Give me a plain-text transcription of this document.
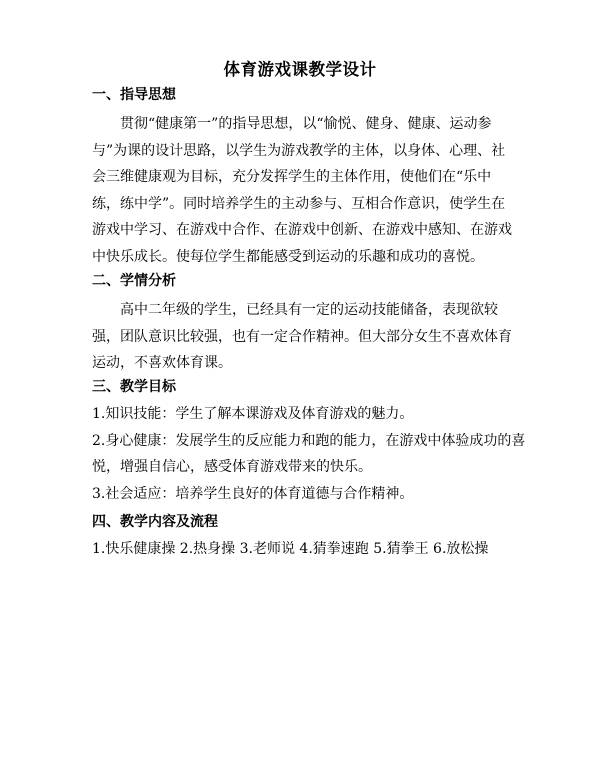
体育游戏课教学设计
一、指导思想
贯彻“健康第一”的指导思想，以“愉悦、健身、健康、运动参
与”为课的设计思路，以学生为游戏教学的主体，以身体、心理、社
会三维健康观为目标，充分发挥学生的主体作用，使他们在“乐中
练，练中学”。同时培养学生的主动参与、互相合作意识，使学生在
游戏中学习、在游戏中合作、在游戏中创新、在游戏中感知、在游戏
中快乐成长。使每位学生都能感受到运动的乐趣和成功的喜悦。
二、学情分析
高中二年级的学生，已经具有一定的运动技能储备，表现欲较
强，团队意识比较强，也有一定合作精神。但大部分女生不喜欢体育
运动，不喜欢体育课。
三、教学目标
1.知识技能：学生了解本课游戏及体育游戏的魅力。
2.身心健康：发展学生的反应能力和跑的能力，在游戏中体验成功的喜
悦，增强自信心，感受体育游戏带来的快乐。
3.社会适应：培养学生良好的体育道德与合作精神。
四、教学内容及流程
1.快乐健康操 2.热身操 3.老师说 4.猜拳速跑 5.猜拳王 6.放松操
